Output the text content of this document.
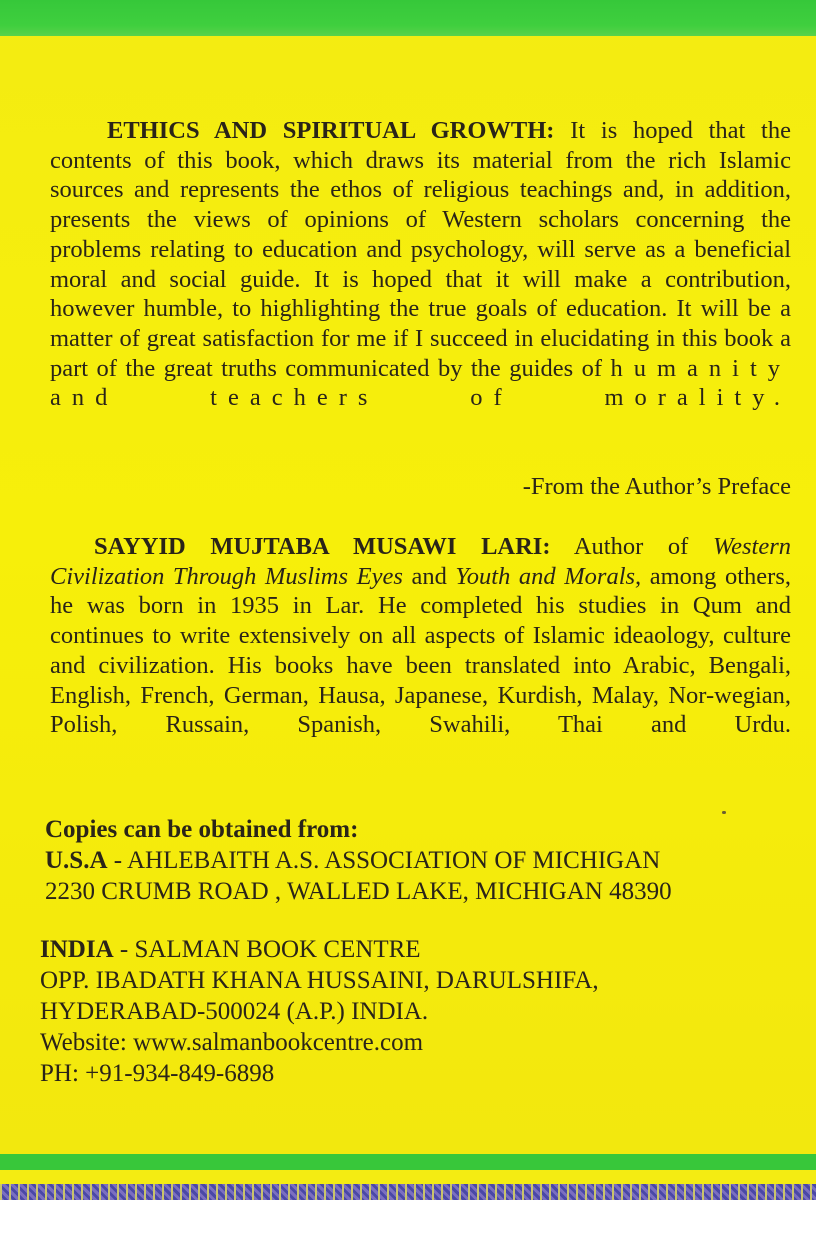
ETHICS AND SPIRITUAL GROWTH: It is hoped that the contents of this book, which draws its material from the rich Islamic sources and represents the ethos of religious teachings and, in addition, presents the views of opinions of Western scholars concerning the problems relating to education and psychology, will serve as a beneficial moral and social guide. It is hoped that it will make a contribution, however humble, to highlighting the true goals of education. It will be a matter of great satisfaction for me if I succeed in elucidating in this book a part of the great truths communicated by the guides of humanity and teachers of morality.

-From the Author’s Preface

SAYYID MUJTABA MUSAWI LARI: Author of Western Civilization Through Muslims Eyes and Youth and Morals, among others, he was born in 1935 in Lar. He completed his studies in Qum and continues to write extensively on all aspects of Islamic ideaology, culture and civilization. His books have been translated into Arabic, Bengali, English, French, German, Hausa, Japanese, Kurdish, Malay, Nor-wegian, Polish, Russain, Spanish, Swahili, Thai and Urdu.

Copies can be obtained from:
U.S.A - AHLEBAITH A.S. ASSOCIATION OF MICHIGAN
2230 CRUMB ROAD , WALLED LAKE, MICHIGAN 48390
INDIA - SALMAN BOOK CENTRE
OPP. IBADATH KHANA HUSSAINI, DARULSHIFA,
HYDERABAD-500024 (A.P.) INDIA.
Website: www.salmanbookcentre.com
PH: +91-934-849-6898
